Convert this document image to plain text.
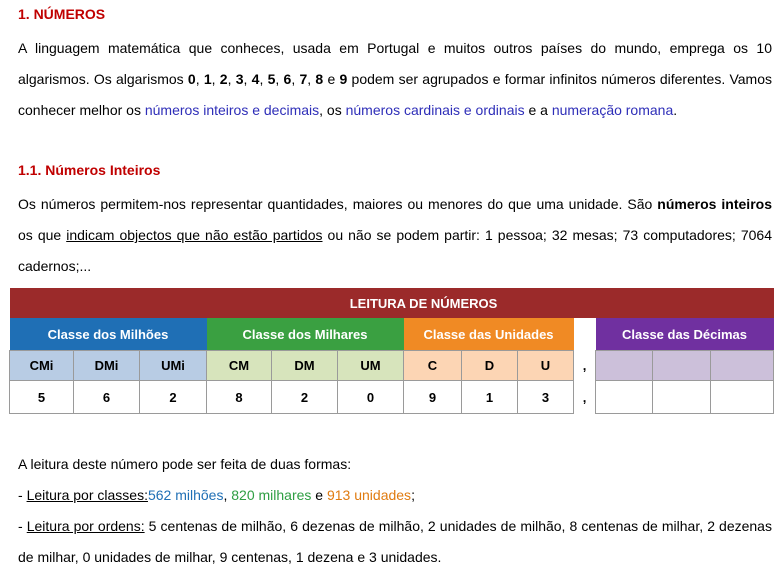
1. NÚMEROS
A linguagem matemática que conheces, usada em Portugal e muitos outros países do mundo, emprega os 10 algarismos. Os algarismos 0, 1, 2, 3, 4, 5, 6, 7, 8 e 9 podem ser agrupados e formar infinitos números diferentes. Vamos conhecer melhor os números inteiros e decimais, os números cardinais e ordinais e a numeração romana.
1.1. Números Inteiros
Os números permitem-nos representar quantidades, maiores ou menores do que uma unidade. São números inteiros os que indicam objectos que não estão partidos ou não se podem partir: 1 pessoa; 32 mesas; 73 computadores; 7064 cadernos;...
	LEITURA DE NÚMEROS											
Classe dos Milhões			Classe dos Milhares			Classe das Unidades				Classe das Décimas		
CMi	DMi	UMi	CM	DM	UM	C	D	U	,			
5	6	2	8	2	0	9	1	3	,			
A leitura deste número pode ser feita de duas formas:
- Leitura por classes:562 milhões, 820 milhares e 913 unidades;
- Leitura por ordens: 5 centenas de milhão, 6 dezenas de milhão, 2 unidades de milhão, 8 centenas de milhar, 2 dezenas de milhar, 0 unidades de milhar, 9 centenas, 1 dezena e 3 unidades.
